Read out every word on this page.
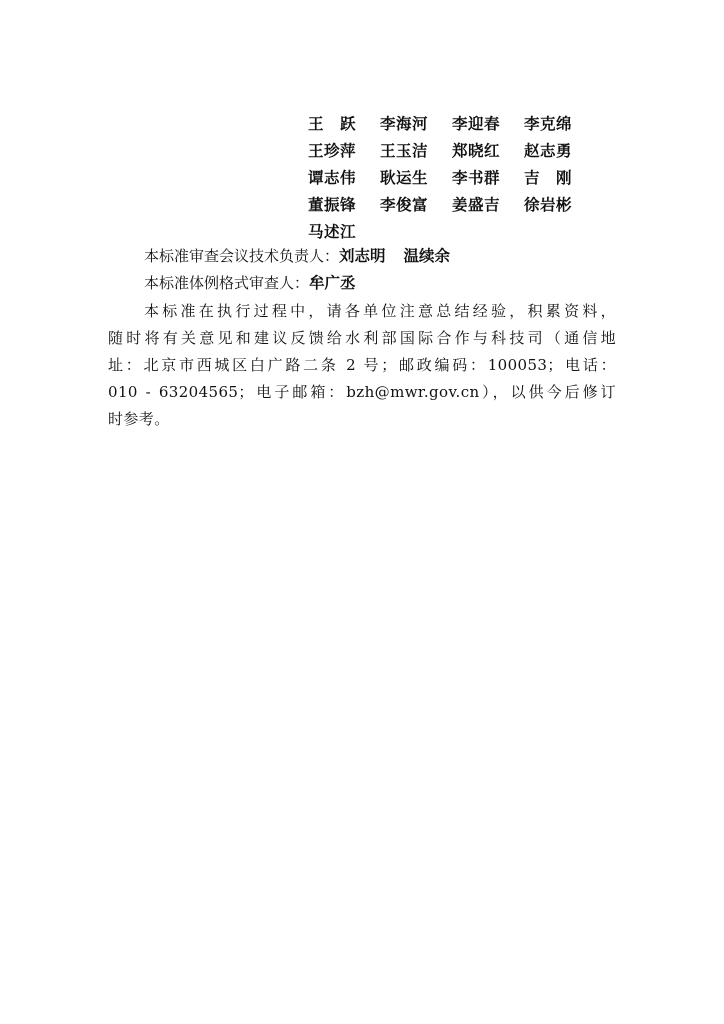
王　跃 李海河 李迎春 李克绵
王珍萍 王玉洁 郑晓红 赵志勇
谭志伟 耿运生 李书群 吉　刚
董振锋 李俊富 姜盛吉 徐岩彬
马述江
本标准审查会议技术负责人：刘志明 温续余
本标准体例格式审查人：牟广丞
本标准在执行过程中，请各单位注意总结经验，积累资料，
随时将有关意见和建议反馈给水利部国际合作与科技司（通信地
址：北京市西城区白广路二条 2 号；邮政编码：100053；电话：
010 - 63204565；电子邮箱：bzh@mwr.gov.cn），以供今后修订
时参考。
